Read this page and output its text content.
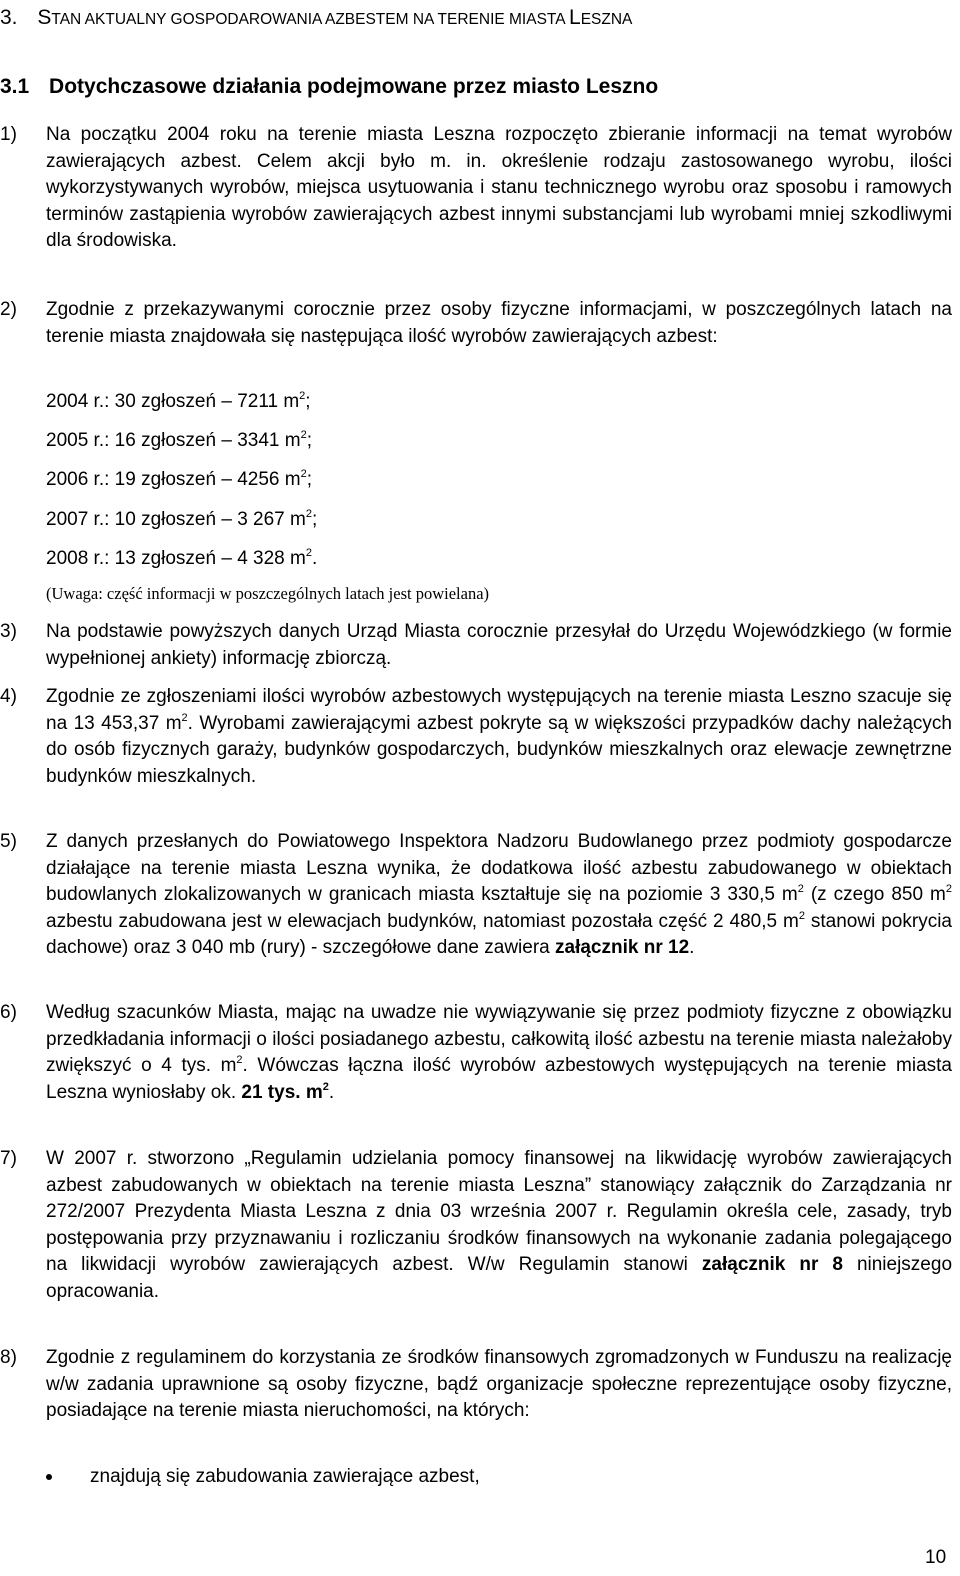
3. STAN AKTUALNY GOSPODAROWANIA AZBESTEM NA TERENIE MIASTA LESZNA
3.1 Dotychczasowe działania podejmowane przez miasto Leszno
1) Na początku 2004 roku na terenie miasta Leszna rozpoczęto zbieranie informacji na temat wyrobów zawierających azbest. Celem akcji było m. in. określenie rodzaju zastosowanego wyrobu, ilości wykorzystywanych wyrobów, miejsca usytuowania i stanu technicznego wyrobu oraz sposobu i ramowych terminów zastąpienia wyrobów zawierających azbest innymi substancjami lub wyrobami mniej szkodliwymi dla środowiska.
2) Zgodnie z przekazywanymi corocznie przez osoby fizyczne informacjami, w poszczególnych latach na terenie miasta znajdowała się następująca ilość wyrobów zawierających azbest:
2004 r.: 30 zgłoszeń – 7211 $m^2$;
2005 r.: 16 zgłoszeń – 3341 $m^2$;
2006 r.: 19 zgłoszeń – 4256 $m^2$;
2007 r.: 10 zgłoszeń – 3 267 $m^2$;
2008 r.: 13 zgłoszeń – 4 328 $m^2$.
(Uwaga: część informacji w poszczególnych latach jest powielana)
3) Na podstawie powyższych danych Urząd Miasta corocznie przesyłał do Urzędu Wojewódzkiego (w formie wypełnionej ankiety) informację zbiorczą.
4) Zgodnie ze zgłoszeniami ilości wyrobów azbestowych występujących na terenie miasta Leszno szacuje się na 13 453,37 $m^2$. Wyrobami zawierającymi azbest pokryte są w większości przypadków dachy należących do osób fizycznych garaży, budynków gospodarczych, budynków mieszkalnych oraz elewacje zewnętrzne budynków mieszkalnych.
5) Z danych przesłanych do Powiatowego Inspektora Nadzoru Budowlanego przez podmioty gospodarcze działające na terenie miasta Leszna wynika, że dodatkowa ilość azbestu zabudowanego w obiektach budowlanych zlokalizowanych w granicach miasta kształtuje się na poziomie 3 330,5 $m^2$ (z czego 850 $m^2$ azbestu zabudowana jest w elewacjach budynków, natomiast pozostała część 2 480,5 $m^2$ stanowi pokrycia dachowe) oraz 3 040 mb (rury) - szczegółowe dane zawiera załącznik nr 12.
6) Według szacunków Miasta, mając na uwadze nie wywiązywanie się przez podmioty fizyczne z obowiązku przedkładania informacji o ilości posiadanego azbestu, całkowitą ilość azbestu na terenie miasta należałoby zwiększyć o 4 tys. $m^2$. Wówczas łączna ilość wyrobów azbestowych występujących na terenie miasta Leszna wyniosłaby ok. 21 tys. $m^2$.
7) W 2007 r. stworzono „Regulamin udzielania pomocy finansowej na likwidację wyrobów zawierających azbest zabudowanych w obiektach na terenie miasta Leszna” stanowiący załącznik do Zarządzania nr 272/2007 Prezydenta Miasta Leszna z dnia 03 września 2007 r. Regulamin określa cele, zasady, tryb postępowania przy przyznawaniu i rozliczaniu środków finansowych na wykonanie zadania polegającego na likwidacji wyrobów zawierających azbest. W/w Regulamin stanowi załącznik nr 8 niniejszego opracowania.
8) Zgodnie z regulaminem do korzystania ze środków finansowych zgromadzonych w Funduszu na realizację w/w zadania uprawnione są osoby fizyczne, bądź organizacje społeczne reprezentujące osoby fizyczne, posiadające na terenie miasta nieruchomości, na których:
znajdują się zabudowania zawierające azbest,
10
